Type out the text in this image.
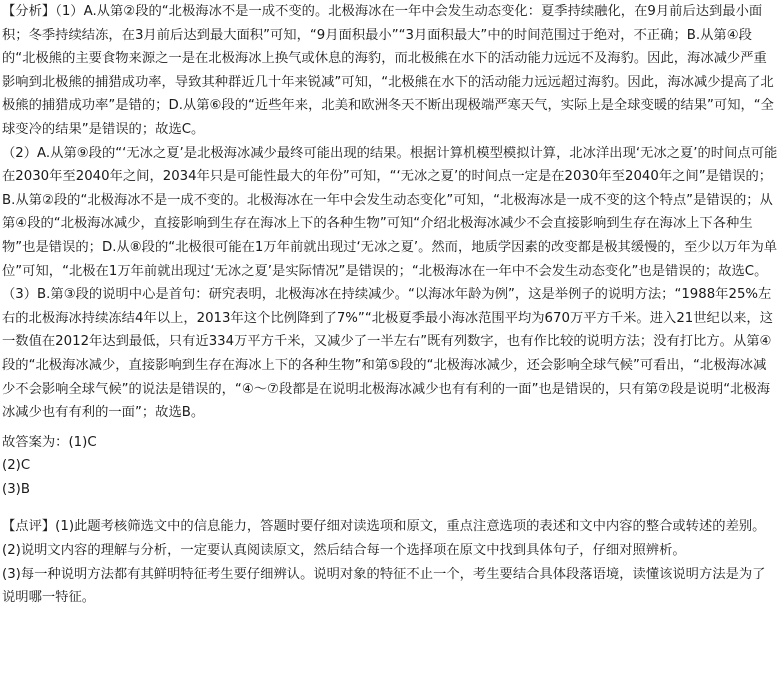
【分析】（1）A.从第②段的“北极海冰不是一成不变的。北极海冰在一年中会发生动态变化：夏季持续融化，在9月前后达到最小面积；冬季持续结冻，在3月前后达到最大面积”可知，“9月面积最小”“3月面积最大”中的时间范围过于绝对，不正确；B.从第④段的“北极熊的主要食物来源之一是在北极海冰上换气或休息的海豹，而北极熊在水下的活动能力远远不及海豹。因此，海冰减少严重影响到北极熊的捕猎成功率，导致其种群近几十年来锐减”可知，“北极熊在水下的活动能力远远超过海豹。因此，海冰减少提高了北极熊的捕猎成功率”是错的；D.从第⑥段的“近些年来，北美和欧洲冬天不断出现极端严寒天气，实际上是全球变暖的结果”可知，“全球变冷的结果”是错误的；故选C。

（2）A.从第⑨段的“‘无冰之夏’是北极海冰减少最终可能出现的结果。根据计算机模型模拟计算，北冰洋出现‘无冰之夏’的时间点可能在2030年至2040年之间，2034年只是可能性最大的年份”可知，“‘无冰之夏’的时间点一定是在2030年至2040年之间”是错误的；B.从第②段的“北极海冰不是一成不变的。北极海冰在一年中会发生动态变化”可知，“北极海冰是一成不变的这个特点”是错误的；从第④段的“北极海冰减少，直接影响到生存在海冰上下的各种生物”可知“介绍北极海冰减少不会直接影响到生存在海冰上下各种生物”也是错误的；D.从⑧段的“北极很可能在1万年前就出现过‘无冰之夏’。然而，地质学因素的改变都是极其缓慢的，至少以万年为单位”可知，“北极在1万年前就出现过‘无冰之夏’是实际情况”是错误的；“北极海冰在一年中不会发生动态变化”也是错误的；故选C。

（3）B.第③段的说明中心是首句：研究表明，北极海冰在持续减少。“以海冰年龄为例”，这是举例子的说明方法；“1988年25%左右的北极海冰持续冻结4年以上，2013年这个比例降到了7%”“北极夏季最小海冰范围平均为670万平方千米。进入21世纪以来，这一数值在2012年达到最低，只有近334万平方千米，又减少了一半左右”既有列数字，也有作比较的说明方法；没有打比方。从第④段的“北极海冰减少，直接影响到生存在海冰上下的各种生物”和第⑤段的“北极海冰减少，还会影响全球气候”可看出，“北极海冰减少不会影响全球气候”的说法是错误的，“④～⑦段都是在说明北极海冰减少也有有利的一面”也是错误的，只有第⑦段是说明“北极海冰减少也有有利的一面”；故选B。

故答案为：(1)C

(2)C

(3)B

【点评】(1)此题考核筛选文中的信息能力，答题时要仔细对读选项和原文，重点注意选项的表述和文中内容的整合或转述的差别。

(2)说明文内容的理解与分析，一定要认真阅读原文，然后结合每一个选择项在原文中找到具体句子，仔细对照辨析。

(3)每一种说明方法都有其鲜明特征考生要仔细辨认。说明对象的特征不止一个，考生要结合具体段落语境，读懂该说明方法是为了说明哪一特征。
